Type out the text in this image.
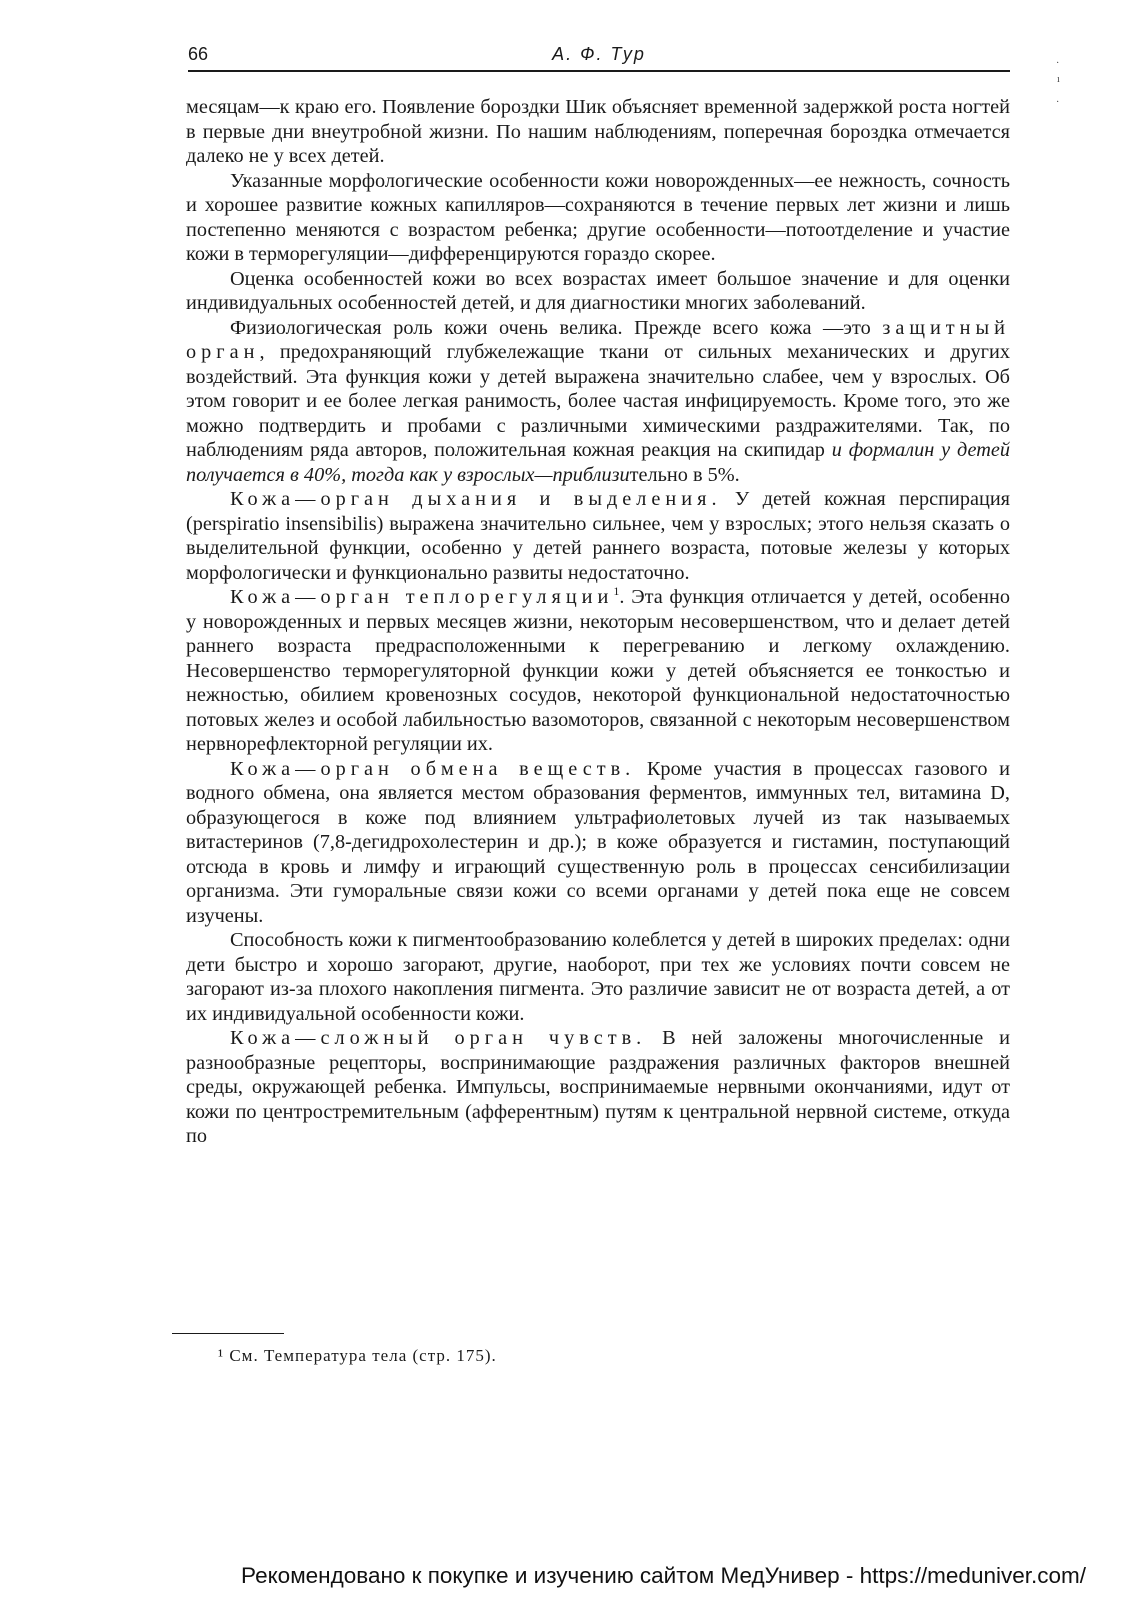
66	А. Ф. Тур	·
ı
·

месяцам—к краю его. Появление бороздки Шик объясняет временной задержкой роста ногтей в первые дни внеутробной жизни. По нашим наблюдениям, поперечная бороздка отмечается далеко не у всех детей.

Указанные морфологические особенности кожи новорожденных—ее нежность, сочность и хорошее развитие кожных капилляров—сохраняются в течение первых лет жизни и лишь постепенно меняются с возрастом ребенка; другие особенности—потоотделение и участие кожи в терморегуляции—дифференцируются гораздо скорее.

Оценка особенностей кожи во всех возрастах имеет большое значение и для оценки индивидуальных особенностей детей, и для диагностики многих заболеваний.

Физиологическая роль кожи очень велика. Прежде всего кожа —это защитный орган, предохраняющий глубжележащие ткани от сильных механических и других воздействий. Эта функция кожи у детей выражена значительно слабее, чем у взрослых. Об этом говорит и ее более легкая ранимость, более частая инфицируемость. Кроме того, это же можно подтвердить и пробами с различными химическими раздражителями. Так, по наблюдениям ряда авторов, положительная кожная реакция на скипидар и формалин у детей получается в 40%, тогда как у взрослых—приблизительно в 5%.

Кожа—орган дыхания и выделения. У детей кожная перспирация (perspiratio insensibilis) выражена значительно сильнее, чем у взрослых; этого нельзя сказать о выделительной функции, особенно у детей раннего возраста, потовые железы у которых морфологически и функционально развиты недостаточно.

Кожа—орган теплорегуляции$^1$. Эта функция отличается у детей, особенно у новорожденных и первых месяцев жизни, некоторым несовершенством, что и делает детей раннего возраста предрасположенными к перегреванию и легкому охлаждению. Несовершенство терморегуляторной функции кожи у детей объясняется ее тонкостью и нежностью, обилием кровенозных сосудов, некоторой функциональной недостаточностью потовых желез и особой лабильностью вазомоторов, связанной с некоторым несовершенством нервнорефлекторной регуляции их.

Кожа—орган обмена веществ. Кроме участия в процессах газового и водного обмена, она является местом образования ферментов, иммунных тел, витамина D, образующегося в коже под влиянием ультрафиолетовых лучей из так называемых витастеринов (7,8-дегидрохолестерин и др.); в коже образуется и гистамин, поступающий отсюда в кровь и лимфу и играющий существенную роль в процессах сенсибилизации организма. Эти гуморальные связи кожи со всеми органами у детей пока еще не совсем изучены.

Способность кожи к пигментообразованию колеблется у детей в широких пределах: одни дети быстро и хорошо загорают, другие, наоборот, при тех же условиях почти совсем не загорают из-за плохого накопления пигмента. Это различие зависит не от возраста детей, а от их индивидуальной особенности кожи.

Кожа—сложный орган чувств. В ней заложены многочисленные и разнообразные рецепторы, воспринимающие раздражения различных факторов внешней среды, окружающей ребенка. Импульсы, воспринимаемые нервными окончаниями, идут от кожи по центростремительным (афферентным) путям к центральной нервной системе, откуда по

¹ См. Температура тела (стр. 175).
Рекомендовано к покупке и изучению сайтом МедУнивер - https://meduniver.com/
